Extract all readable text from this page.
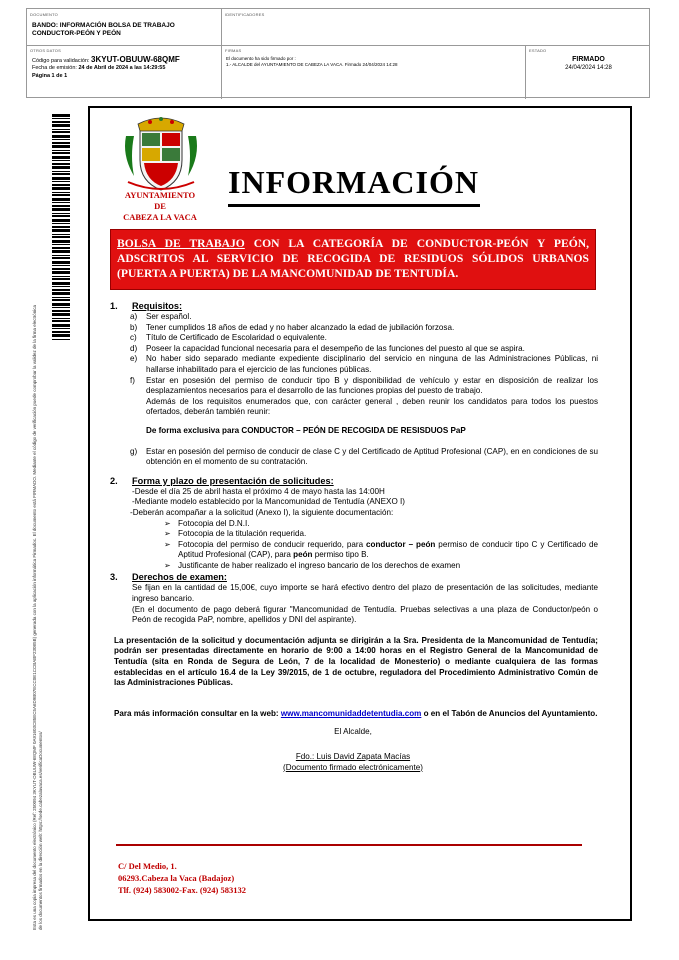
DOCUMENTO
BANDO: INFORMACIÓN BOLSA DE TRABAJO
CONDUCTOR-PEÓN Y PEÓN
IDENTIFICADORES
OTROS DATOS
Código para validación: 3KYUT-OBUUW-68QMF
Fecha de emisión: 24 de Abril de 2024 a las 14:29:55
Página 1 de 1
FIRMAS
El documento ha sido firmado por :
1.- ALCALDE del AYUNTAMIENTO DE CABEZA LA VACA. Firmado 24/04/2024 14:28
ESTADO
FIRMADO
24/04/2024 14:28
Esta es una copia impresa del documento electrónico (Ref: 250094 3KYUT-OBUUW-68QMF 0A91603C85EC5A6D9B07ECC0E1CCBABF23085B) generada con la aplicación informática Firmadoc. El documento está FIRMADO. Mediante el código de verificación puede comprobar la validez de la firma electrónica de los documentos firmados en la dirección web: https://sede.cabezalavaca.es/verificaDocumentos/
AYUNTAMIENTO
DE
CABEZA LA VACA
INFORMACIÓN
BOLSA DE TRABAJO CON LA CATEGORÍA DE CONDUCTOR-PEÓN Y PEÓN, ADSCRITOS AL SERVICIO DE RECOGIDA DE RESIDUOS SÓLIDOS URBANOS (PUERTA A PUERTA) DE LA MANCOMUNIDAD DE TENTUDÍA.
1. Requisitos:
a) Ser español.
b) Tener cumplidos 18 años de edad y no haber alcanzado la edad de jubilación forzosa.
c) Título de Certificado de Escolaridad o equivalente.
d) Poseer la capacidad funcional necesaria para el desempeño de las funciones del puesto al que se aspira.
e) No haber sido separado mediante expediente disciplinario del servicio en ninguna de las Administraciones Públicas, ni hallarse inhabilitado para el ejercicio de las funciones públicas.
f) Estar en posesión del permiso de conducir tipo B y disponibilidad de vehículo y estar en disposición de realizar los desplazamientos necesarios para el desarrollo de las funciones propias del puesto de trabajo.
Además de los requisitos enumerados que, con carácter general , deben reunir los candidatos para todos los puestos ofertados, deberán también reunir:
De forma exclusiva para CONDUCTOR – PEÓN DE RECOGIDA DE RESISDUOS PaP
g) Estar en posesión del permiso de conducir de clase C y del Certificado de Aptitud Profesional (CAP), en en condiciones de su obtención en el momento de su contratación.
2. Forma y plazo de presentación de solicitudes:
-Desde el día 25 de abril hasta el próximo 4 de mayo hasta las 14:00H
-Mediante modelo establecido por la Mancomunidad de Tentudía (ANEXO I)
-Deberán acompañar a la solicitud (Anexo I), la siguiente documentación:
➢ Fotocopia del D.N.I.
➢ Fotocopia de la titulación requerida.
➢ Fotocopia del permiso de conducir requerido, para conductor – peón permiso de conducir tipo C y Certificado de Aptitud Profesional (CAP), para peón permiso tipo B.
➢ Justificante de haber realizado el ingreso bancario de los derechos de examen
3. Derechos de examen:
Se fijan en la cantidad de 15,00€, cuyo importe se hará efectivo dentro del plazo de presentación de las solicitudes, mediante ingreso bancario.
(En el documento de pago deberá figurar "Mancomunidad de Tentudía. Pruebas selectivas a una plaza de Conductor/peón o Peón de recogida PaP, nombre, apellidos y DNI del aspirante).
La presentación de la solicitud y documentación adjunta se dirigirán a la Sra. Presidenta de la Mancomunidad de Tentudía; podrán ser presentadas directamente en horario de 9:00 a 14:00 horas en el Registro General de la Mancomunidad de Tentudía (sita en Ronda de Segura de León, 7 de la localidad de Monesterio) o mediante cualquiera de las formas establecidas en el artículo 16.4 de la Ley 39/2015, de 1 de octubre, reguladora del Procedimiento Administrativo Común de las Administraciones Públicas.
Para más información consultar en la web: www.mancomunidaddetentudia.com o en el Tabón de Anuncios del Ayuntamiento.
El Alcalde,
Fdo.: Luis David Zapata Macías
(Documento firmado electrónicamente)
C/ Del Medio, 1.
06293.Cabeza la Vaca (Badajoz)
Tlf. (924) 583002-Fax. (924) 583132
